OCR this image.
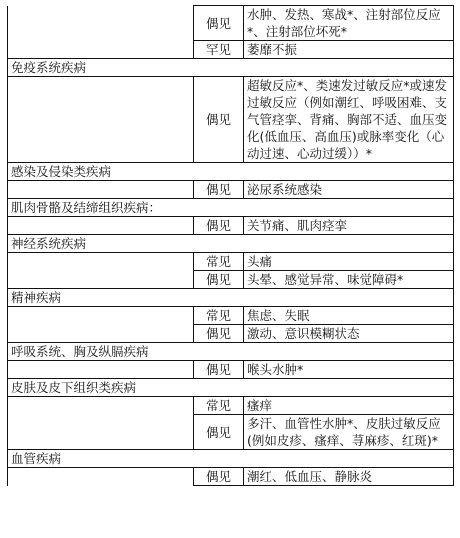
	偶见	水肿、发热、寒战*、注射部位反应*、注射部位坏死*
	罕见	萎靡不振
免疫系统疾病		
	偶见	超敏反应*、类速发过敏反应*或速发过敏反应（例如潮红、呼吸困难、支气管痉挛、背痛、胸部不适、血压变化(低血压、高血压)或脉率变化（心动过速、心动过缓））*
感染及侵染类疾病		
	偶见	泌尿系统感染
肌肉骨骼及结缔组织疾病：		
	偶见	关节痛、肌肉痉挛
神经系统疾病		
	常见	头痛
	偶见	头晕、感觉异常、味觉障碍*
精神疾病		
	常见	焦虑、失眠
	偶见	激动、意识模糊状态
呼吸系统、胸及纵膈疾病		
	偶见	喉头水肿*
皮肤及皮下组织类疾病		
	常见	瘙痒
	偶见	多汗、血管性水肿*、皮肤过敏反应(例如皮疹、瘙痒、荨麻疹、红斑)*
血管疾病		
	偶见	潮红、低血压、静脉炎
